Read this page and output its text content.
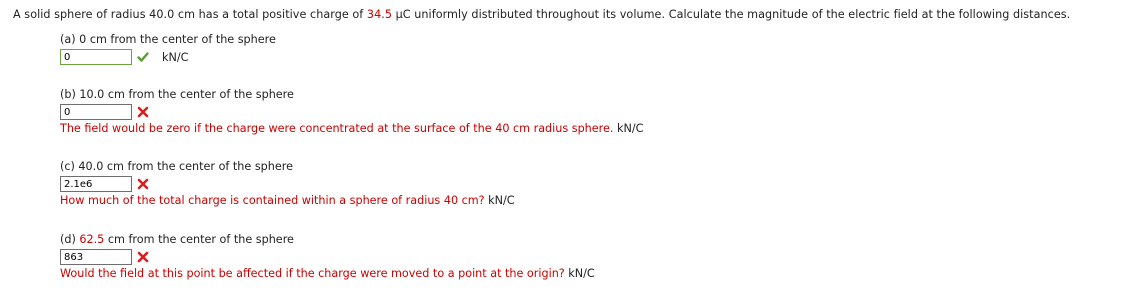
A solid sphere of radius 40.0 cm has a total positive charge of 34.5 µC uniformly distributed throughout its volume. Calculate the magnitude of the electric field at the following distances.
(a) 0 cm from the center of the sphere
0
kN/C
(b) 10.0 cm from the center of the sphere
0
The field would be zero if the charge were concentrated at the surface of the 40 cm radius sphere. kN/C
(c) 40.0 cm from the center of the sphere
2.1e6
How much of the total charge is contained within a sphere of radius 40 cm? kN/C
(d) 62.5 cm from the center of the sphere
863
Would the field at this point be affected if the charge were moved to a point at the origin? kN/C
